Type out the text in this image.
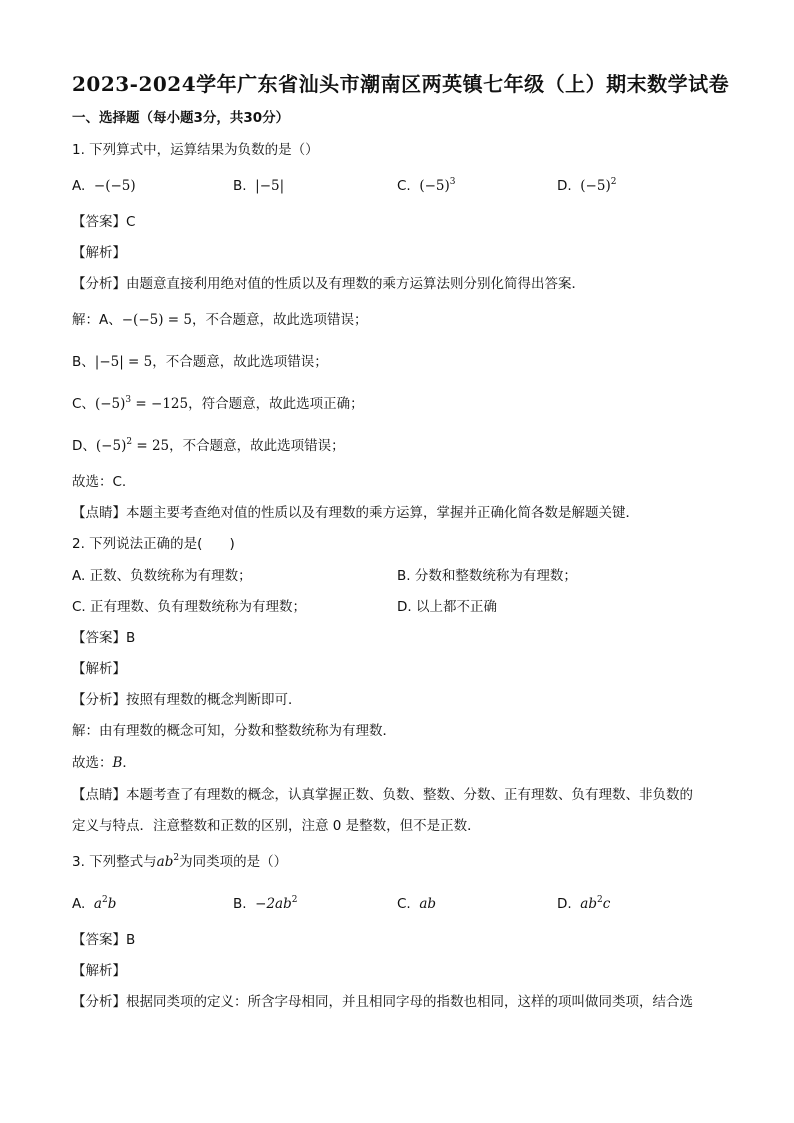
2023-2024学年广东省汕头市潮南区两英镇七年级（上）期末数学试卷
一、选择题（每小题3分，共30分）
1. 下列算式中，运算结果为负数的是（）
A. −(−5)	B. |−5|	C. $(-5)^3$	D. $(-5)^2$
【答案】C
【解析】
【分析】由题意直接利用绝对值的性质以及有理数的乘方运算法则分别化简得出答案．
解：A、−(−5) = 5，不合题意，故此选项错误；
B、|−5| = 5，不合题意，故此选项错误；
C、$(-5)^3 = -125$，符合题意，故此选项正确；
D、$(-5)^2 = 25$，不合题意，故此选项错误；
故选：C.
【点睛】本题主要考查绝对值的性质以及有理数的乘方运算，掌握并正确化简各数是解题关键．
2. 下列说法正确的是(　　)
A. 正数、负数统称为有理数；	B. 分数和整数统称为有理数；
C. 正有理数、负有理数统称为有理数；	D. 以上都不正确
【答案】B
【解析】
【分析】按照有理数的概念判断即可．
解：由有理数的概念可知，分数和整数统称为有理数．
故选：B．
【点睛】本题考查了有理数的概念，认真掌握正数、负数、整数、分数、正有理数、负有理数、非负数的
定义与特点．注意整数和正数的区别，注意 0 是整数，但不是正数．
3. 下列整式与$ab^2$为同类项的是（）
A. $a^2b$	B. $-2ab^2$	C. ab	D. $ab^2c$
【答案】B
【解析】
【分析】根据同类项的定义：所含字母相同，并且相同字母的指数也相同，这样的项叫做同类项，结合选
